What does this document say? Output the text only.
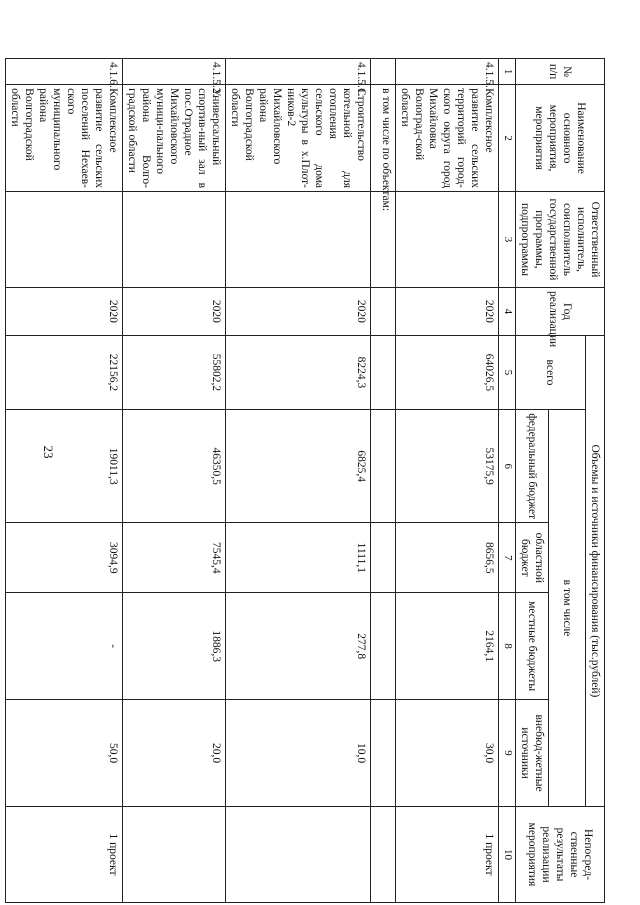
23
№ п/п	Наименование основного мероприятия, мероприятия	Ответственный исполнитель, соисполнитель государственной программы, подпрограммы	Год реализации	Объемы и источники финансирования (тыс.рублей)					Непосред-ственные результаты реализации мероприятия
				всего	в том числе				
					федеральный бюджет	областной бюджет	местные бюджеты	внебюд-жетные источники	
1	2	3	4	5	6	7	8	9	10
4.1.5.	Комплексное развитие сельских территорий город-ского округа город Михайловка Волоград-ской области		2020	64026,5	53175,9	8656,5	2164,1	30,0	1 проект
	в том числе по объектам:								
4.1.5.1.	Строительство котельной для отопления сельского дома культуры в х.Плот-ников-2 Михайловского района Волгоградской области		2020	8224,3	6825,4	1111,1	277,8	10,0	
4.1.5.2.	Универсальный спортив-ный зал в пос.Отрадное Михайловского муници-пального района Волго-градской области		2020	55802,2	46350,5	7545,4	1886,3	20,0	
4.1.6.	Комплексное развитие сельских поселений Нехаев-ского муниципального района Волгоградской области		2020	22156,2	19011,3	3094,9	-	50,0	1 проект
